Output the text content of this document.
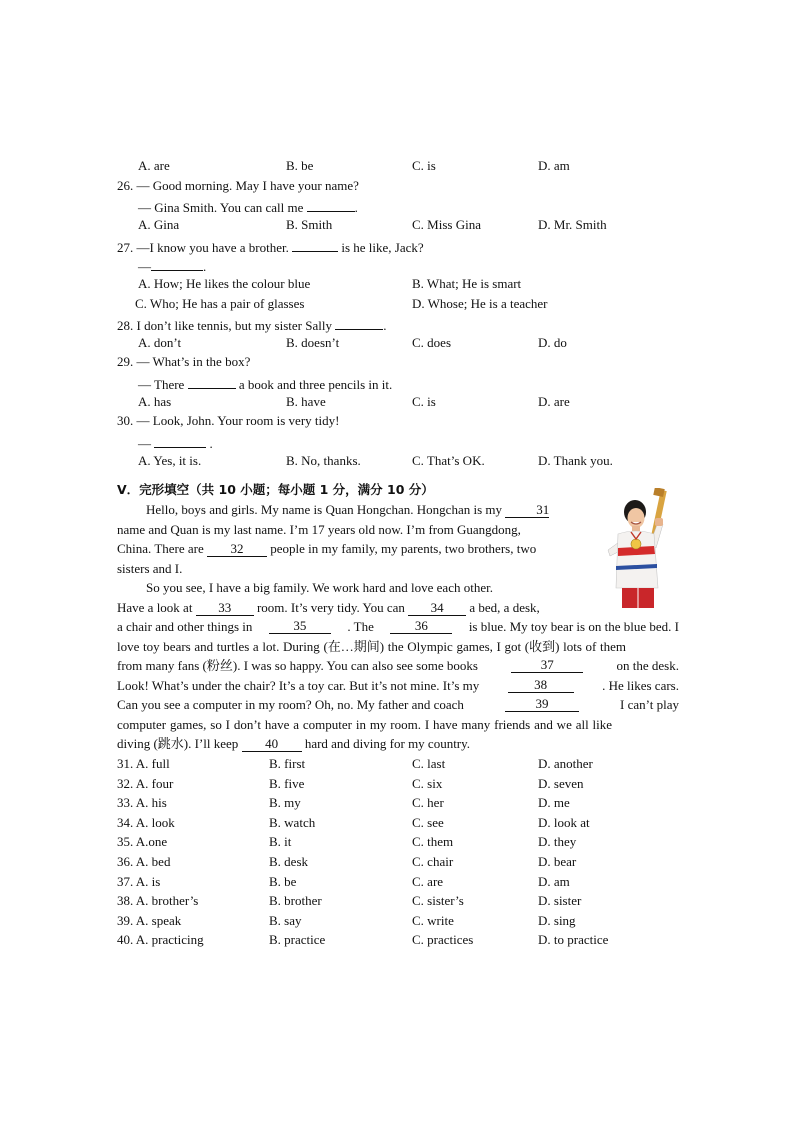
A. are	B. be	C. is	D. am
26. — Good morning. May I have your name?
— Gina Smith. You can call me	.
A. Gina	B. Smith	C. Miss Gina	D. Mr. Smith
27. —I know you have a brother.	is he like, Jack?
—	.
A. How; He likes the colour blue	B. What; He is smart
C. Who; He has a pair of glasses	D. Whose; He is a teacher
28. I don’t like tennis, but my sister Sally	.
A. don’t	B. doesn’t	C. does	D. do
29. — What’s in the box?
— There	a book and three pencils in it.
A. has	B. have	C. is	D. are
30. — Look, John. Your room is very tidy!
—	.
A. Yes, it is.	B. No, thanks.	C. That’s OK.	D. Thank you.
V．完形填空（共 10 小题；每小题 1 分，满分 10 分）
Hello, boys and girls. My name is Quan Hongchan. Hongchan is my	31
name and Quan is my last name. I’m 17 years old now. I’m from Guangdong,
China. There are 32 people in my family, my parents, two brothers, two
sisters and I.
So you see, I have a big family. We work hard and love each other.
Have a look at 33 room. It’s very tidy. You can 34 a bed, a desk,
a chair and other things in	35	. The	36	is blue. My toy bear is on the blue bed. I
love toy bears and turtles a lot. During (在…期间) the Olympic games, I got (收到) lots of them
from many fans (粉丝). I was so happy. You can also see some books	37	on the desk.
Look! What’s under the chair? It’s a toy car. But it’s not mine. It’s my	38	. He likes cars.
Can you see a computer in my room? Oh, no. My father and coach	39	I can’t play
computer games, so I don’t have a computer in my room. I have many friends and we all like
diving (跳水). I’ll keep 40 hard and diving for my country.
31. A. full	B. first	C. last	D. another
32. A. four	B. five	C. six	D. seven
33. A. his	B. my	C. her	D. me
34. A. look	B. watch	C. see	D. look at
35. A.one	B. it	C. them	D. they
36. A. bed	B. desk	C. chair	D. bear
37. A. is	B. be	C. are	D. am
38. A. brother’s	B. brother	C. sister’s	D. sister
39. A. speak	B. say	C. write	D. sing
40. A. practicing	B. practice	C. practices	D. to practice
